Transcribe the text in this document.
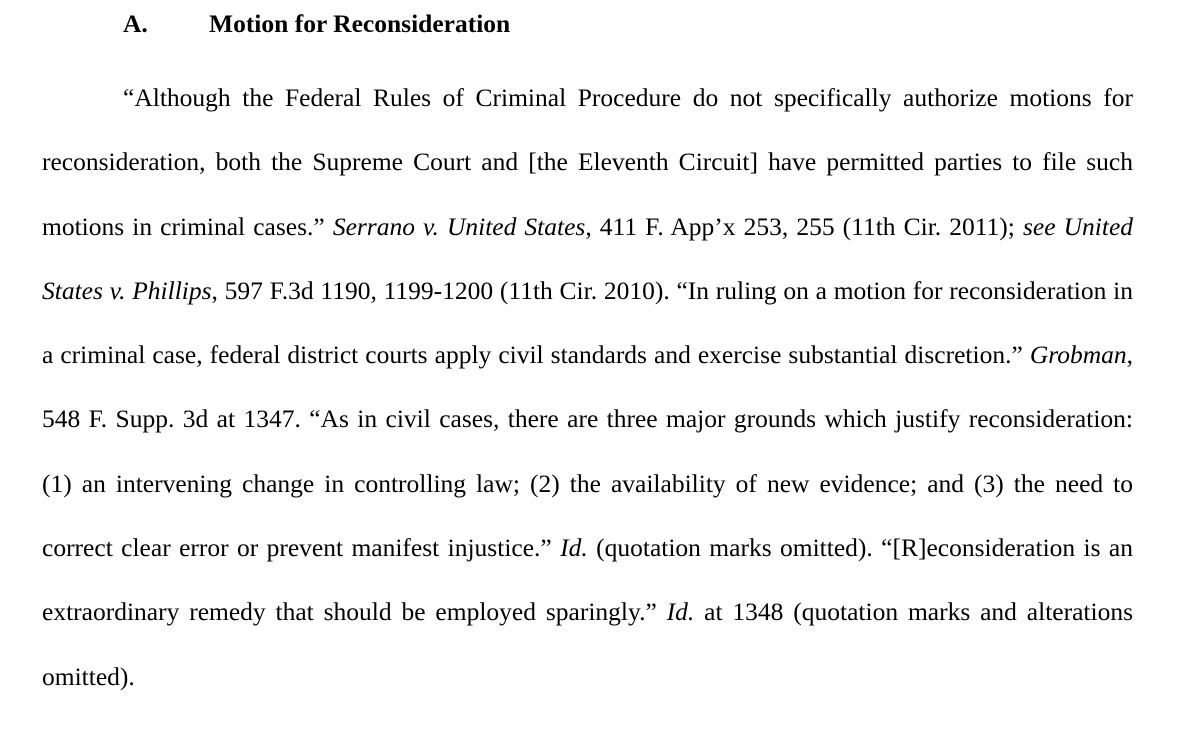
A. Motion for Reconsideration

“Although the Federal Rules of Criminal Procedure do not specifically authorize motions for reconsideration, both the Supreme Court and [the Eleventh Circuit] have permitted parties to file such motions in criminal cases.” Serrano v. United States, 411 F. App’x 253, 255 (11th Cir. 2011); see United States v. Phillips, 597 F.3d 1190, 1199-1200 (11th Cir. 2010). “In ruling on a motion for reconsideration in a criminal case, federal district courts apply civil standards and exercise substantial discretion.” Grobman, 548 F. Supp. 3d at 1347. “As in civil cases, there are three major grounds which justify reconsideration: (1) an intervening change in controlling law; (2) the availability of new evidence; and (3) the need to correct clear error or prevent manifest injustice.” Id. (quotation marks omitted). “[R]econsideration is an extraordinary remedy that should be employed sparingly.” Id. at 1348 (quotation marks and alterations omitted).
